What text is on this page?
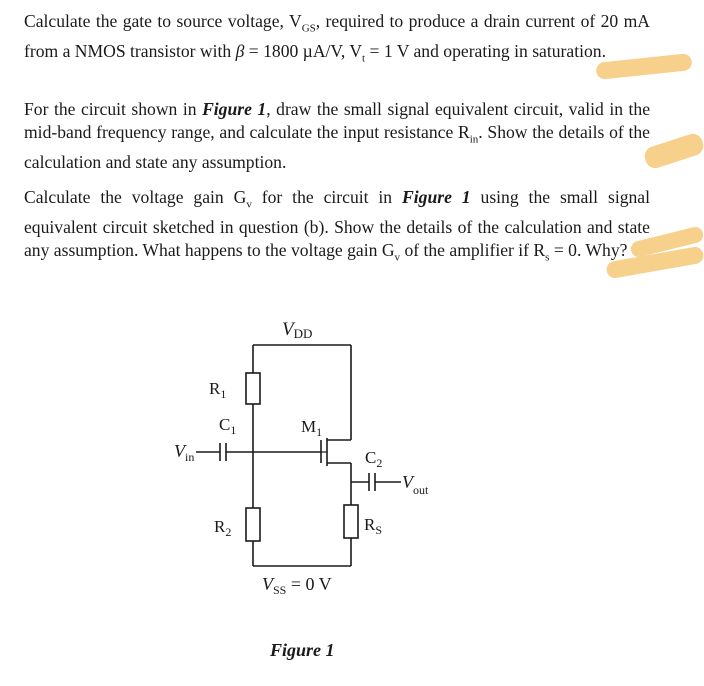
Calculate the gate to source voltage, $V_{GS}$, required to produce a drain current of 20 mA from a NMOS transistor with β = 1800 µA/V, $V_t = 1$ V and operating in saturation.

For the circuit shown in Figure 1, draw the small signal equivalent circuit, valid in the mid-band frequency range, and calculate the input resistance $R_{in}$. Show the details of the calculation and state any assumption.

Calculate the voltage gain $G_v$ for the circuit in Figure 1 using the small signal equivalent circuit sketched in question (b). Show the details of the calculation and state any assumption. What happens to the voltage gain $G_v$ of the amplifier if $R_s = 0$. Why?

VDD
$R_1$
$C_1$	$M_1$
$V_{in}$	$C_2$
$V_{out}$
$R_2$	$R_S$
$V_{SS} = 0$ V
Figure 1
